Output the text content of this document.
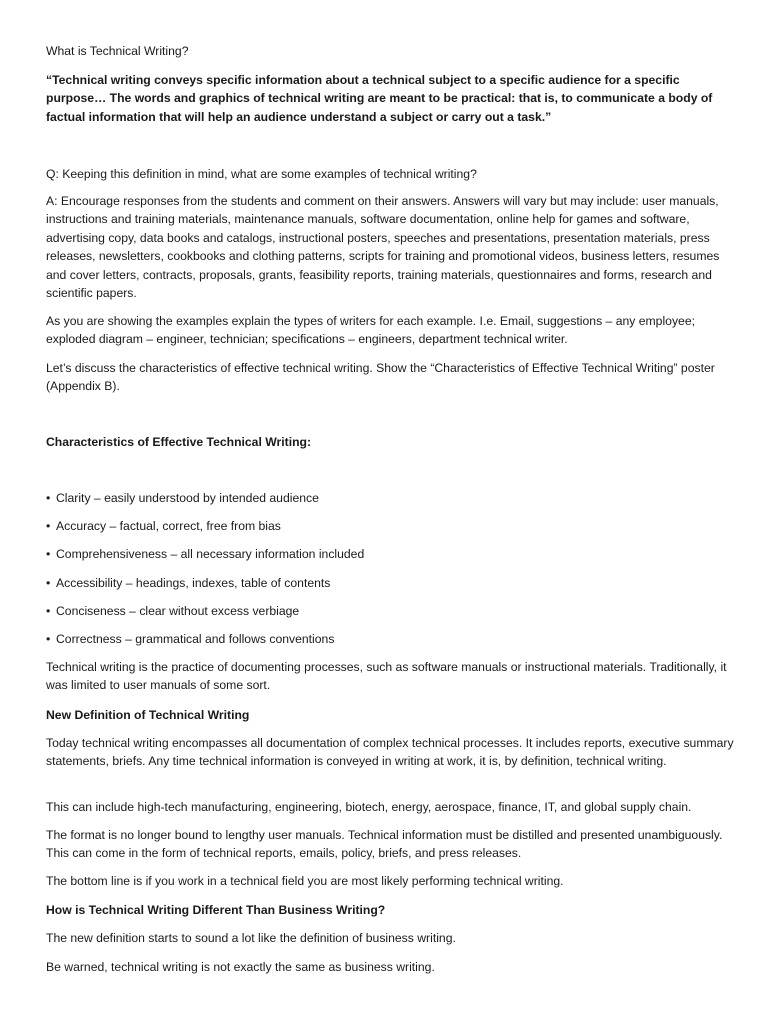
What is Technical Writing?

“Technical writing conveys specific information about a technical subject to a specific audience for a specific purpose… The words and graphics of technical writing are meant to be practical: that is, to communicate a body of factual information that will help an audience understand a subject or carry out a task.”

Q: Keeping this definition in mind, what are some examples of technical writing?

A: Encourage responses from the students and comment on their answers. Answers will vary but may include: user manuals, instructions and training materials, maintenance manuals, software documentation, online help for games and software, advertising copy, data books and catalogs, instructional posters, speeches and presentations, presentation materials, press releases, newsletters, cookbooks and clothing patterns, scripts for training and promotional videos, business letters, resumes and cover letters, contracts, proposals, grants, feasibility reports, training materials, questionnaires and forms, research and scientific papers.

As you are showing the examples explain the types of writers for each example. I.e. Email, suggestions – any employee; exploded diagram – engineer, technician; specifications – engineers, department technical writer.

Let’s discuss the characteristics of effective technical writing. Show the “Characteristics of Effective Technical Writing” poster (Appendix B).

Characteristics of Effective Technical Writing:

• Clarity – easily understood by intended audience
• Accuracy – factual, correct, free from bias
• Comprehensiveness – all necessary information included
• Accessibility – headings, indexes, table of contents
• Conciseness – clear without excess verbiage
• Correctness – grammatical and follows conventions

Technical writing is the practice of documenting processes, such as software manuals or instructional materials. Traditionally, it was limited to user manuals of some sort.

New Definition of Technical Writing

Today technical writing encompasses all documentation of complex technical processes. It includes reports, executive summary statements, briefs. Any time technical information is conveyed in writing at work, it is, by definition, technical writing.

This can include high-tech manufacturing, engineering, biotech, energy, aerospace, finance, IT, and global supply chain.

The format is no longer bound to lengthy user manuals. Technical information must be distilled and presented unambiguously. This can come in the form of technical reports, emails, policy, briefs, and press releases.

The bottom line is if you work in a technical field you are most likely performing technical writing.

How is Technical Writing Different Than Business Writing?

The new definition starts to sound a lot like the definition of business writing.

Be warned, technical writing is not exactly the same as business writing.
